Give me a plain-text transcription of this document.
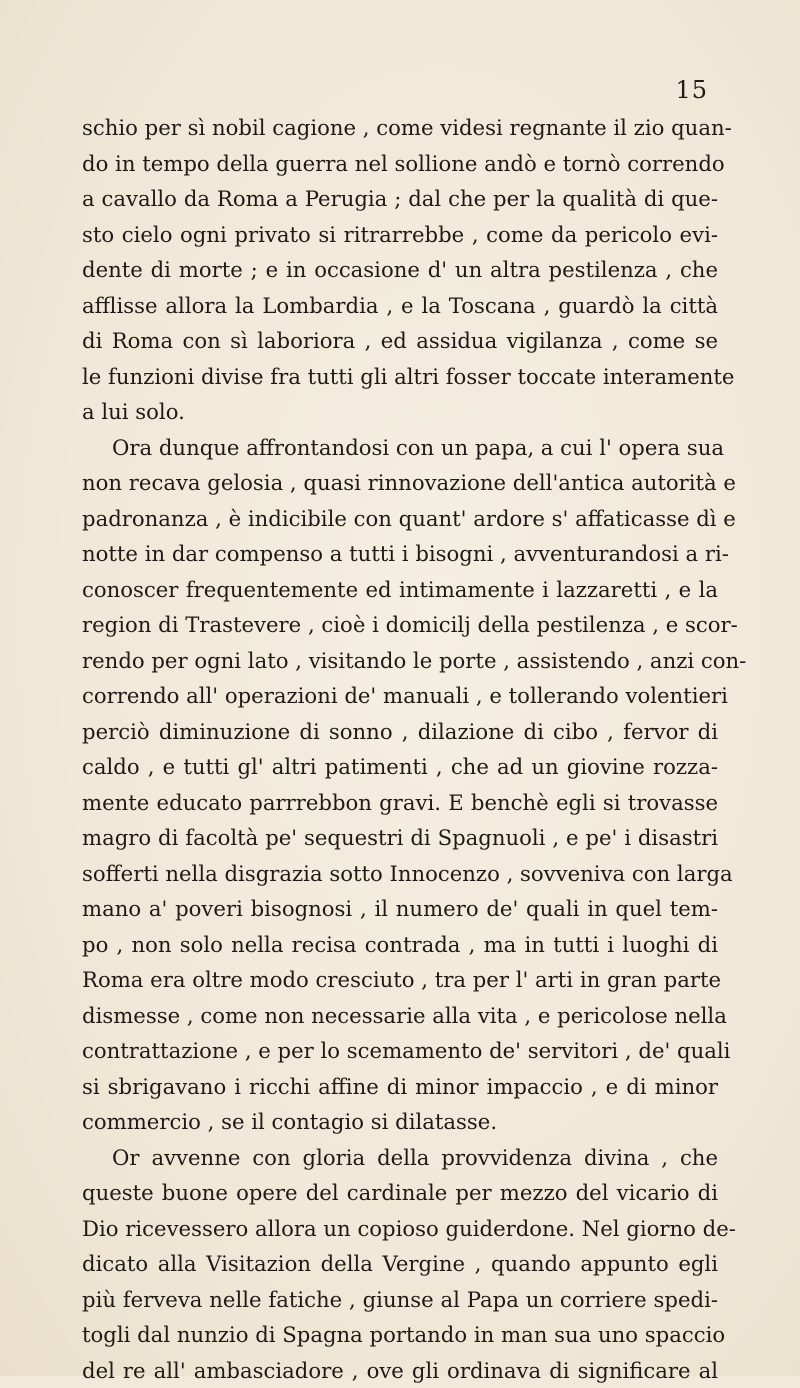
15
schio per sì nobil cagione , come videsi regnante il zio quan-
do in tempo della guerra nel sollione andò e tornò correndo
a cavallo da Roma a Perugia ; dal che per la qualità di que-
sto cielo ogni privato si ritrarrebbe , come da pericolo evi-
dente di morte ; e in occasione d' un altra pestilenza , che
afflisse allora la Lombardia , e la Toscana , guardò la città
di Roma con sì laboriora , ed assidua vigilanza , come se
le funzioni divise fra tutti gli altri fosser toccate interamente
a lui solo.
Ora dunque affrontandosi con un papa, a cui l' opera sua
non recava gelosia , quasi rinnovazione dell'antica autorità e
padronanza , è indicibile con quant' ardore s' affaticasse dì e
notte in dar compenso a tutti i bisogni , avventurandosi a ri-
conoscer frequentemente ed intimamente i lazzaretti , e la
region di Trastevere , cioè i domicilj della pestilenza , e scor-
rendo per ogni lato , visitando le porte , assistendo , anzi con-
correndo all' operazioni de' manuali , e tollerando volentieri
perciò diminuzione di sonno , dilazione di cibo , fervor di
caldo , e tutti gl' altri patimenti , che ad un giovine rozza-
mente educato parrrebbon gravi. E benchè egli si trovasse
magro di facoltà pe' sequestri di Spagnuoli , e pe' i disastri
sofferti nella disgrazia sotto Innocenzo , sovveniva con larga
mano a' poveri bisognosi , il numero de' quali in quel tem-
po , non solo nella recisa contrada , ma in tutti i luoghi di
Roma era oltre modo cresciuto , tra per l' arti in gran parte
dismesse , come non necessarie alla vita , e pericolose nella
contrattazione , e per lo scemamento de' servitori , de' quali
si sbrigavano i ricchi affine di minor impaccio , e di minor
commercio , se il contagio si dilatasse.
Or avvenne con gloria della provvidenza divina , che
queste buone opere del cardinale per mezzo del vicario di
Dio ricevessero allora un copioso guiderdone. Nel giorno de-
dicato alla Visitazion della Vergine , quando appunto egli
più ferveva nelle fatiche , giunse al Papa un corriere spedi-
togli dal nunzio di Spagna portando in man sua uno spaccio
del re all' ambasciadore , ove gli ordinava di significare al
